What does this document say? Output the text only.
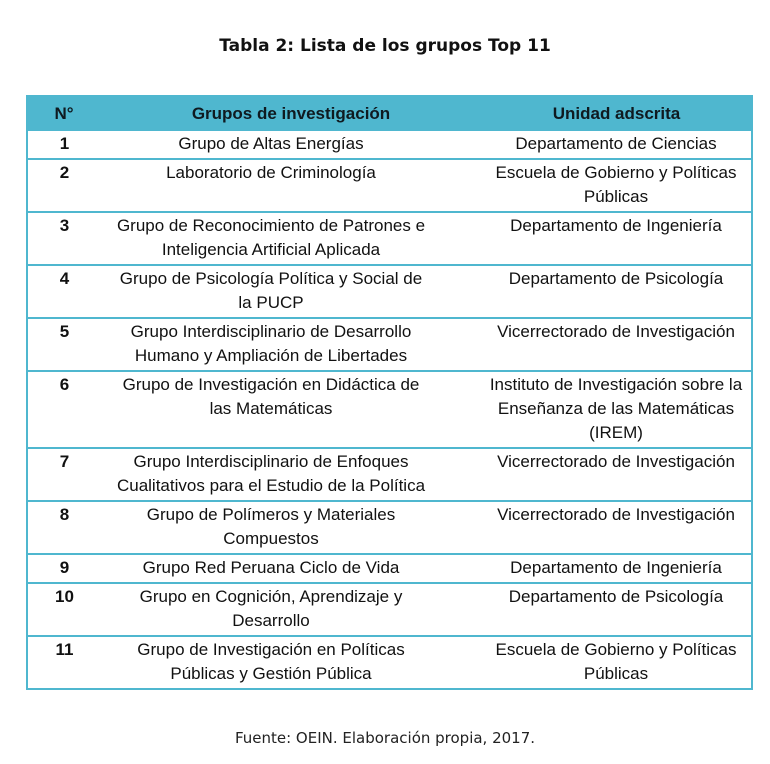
Tabla 2: Lista de los grupos Top 11
N°	Grupos de investigación	Unidad adscrita
1	Grupo de Altas Energías	Departamento de Ciencias
2	Laboratorio de Criminología	Escuela de Gobierno y Políticas Públicas
3	Grupo de Reconocimiento de Patrones e Inteligencia Artificial Aplicada	Departamento de Ingeniería
4	Grupo de Psicología Política y Social de la PUCP	Departamento de Psicología
5	Grupo Interdisciplinario de Desarrollo Humano y Ampliación de Libertades	Vicerrectorado de Investigación
6	Grupo de Investigación en Didáctica de las Matemáticas	Instituto de Investigación sobre la Enseñanza de las Matemáticas (IREM)
7	Grupo Interdisciplinario de Enfoques Cualitativos para el Estudio de la Política	Vicerrectorado de Investigación
8	Grupo de Polímeros y Materiales Compuestos	Vicerrectorado de Investigación
9	Grupo Red Peruana Ciclo de Vida	Departamento de Ingeniería
10	Grupo en Cognición, Aprendizaje y Desarrollo	Departamento de Psicología
11	Grupo de Investigación en Políticas Públicas y Gestión Pública	Escuela de Gobierno y Políticas Públicas
Fuente: OEIN. Elaboración propia, 2017.
